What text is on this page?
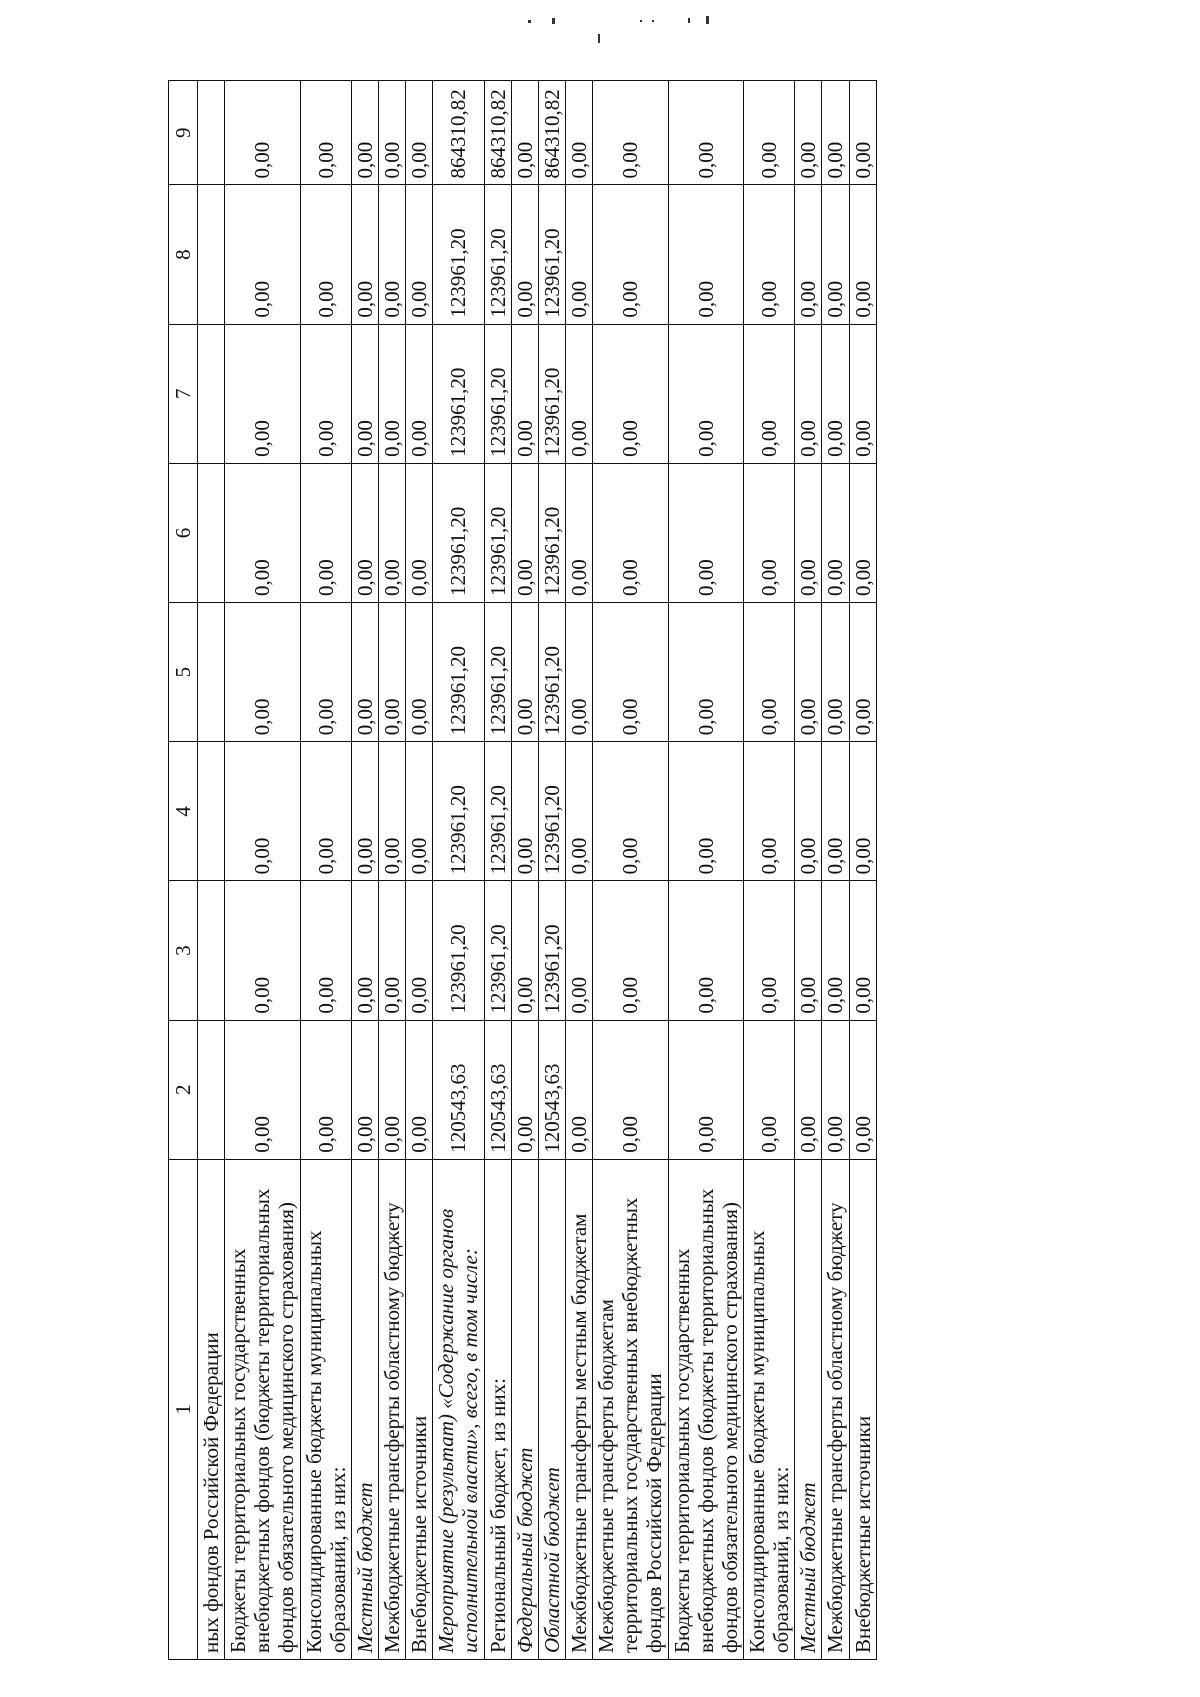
1	2	3	4	5	6	7	8	9
ных фондов Российской Федерации								
Бюджеты территориальных государственных внебюджетных фондов (бюджеты территориальных фондов обязательного медицинского страхования)	0,00	0,00	0,00	0,00	0,00	0,00	0,00	0,00
Консолидированные бюджеты муниципальных образований, из них:	0,00	0,00	0,00	0,00	0,00	0,00	0,00	0,00
Местный бюджет	0,00	0,00	0,00	0,00	0,00	0,00	0,00	0,00
Межбюджетные трансферты областному бюджету	0,00	0,00	0,00	0,00	0,00	0,00	0,00	0,00
Внебюджетные источники	0,00	0,00	0,00	0,00	0,00	0,00	0,00	0,00
Мероприятие (результат) «Содержание органов исполнительной власти», всего, в том числе:	120543,63	123961,20	123961,20	123961,20	123961,20	123961,20	123961,20	864310,82
Региональный бюджет, из них:	120543,63	123961,20	123961,20	123961,20	123961,20	123961,20	123961,20	864310,82
Федеральный бюджет	0,00	0,00	0,00	0,00	0,00	0,00	0,00	0,00
Областной бюджет	120543,63	123961,20	123961,20	123961,20	123961,20	123961,20	123961,20	864310,82
Межбюджетные трансферты местным бюджетам	0,00	0,00	0,00	0,00	0,00	0,00	0,00	0,00
Межбюджетные трансферты бюджетам территориальных государственных внебюджетных фондов Российской Федерации	0,00	0,00	0,00	0,00	0,00	0,00	0,00	0,00
Бюджеты территориальных государственных внебюджетных фондов (бюджеты территориальных фондов обязательного медицинского страхования)	0,00	0,00	0,00	0,00	0,00	0,00	0,00	0,00
Консолидированные бюджеты муниципальных образований, из них:	0,00	0,00	0,00	0,00	0,00	0,00	0,00	0,00
Местный бюджет	0,00	0,00	0,00	0,00	0,00	0,00	0,00	0,00
Межбюджетные трансферты областному бюджету	0,00	0,00	0,00	0,00	0,00	0,00	0,00	0,00
Внебюджетные источники	0,00	0,00	0,00	0,00	0,00	0,00	0,00	0,00
